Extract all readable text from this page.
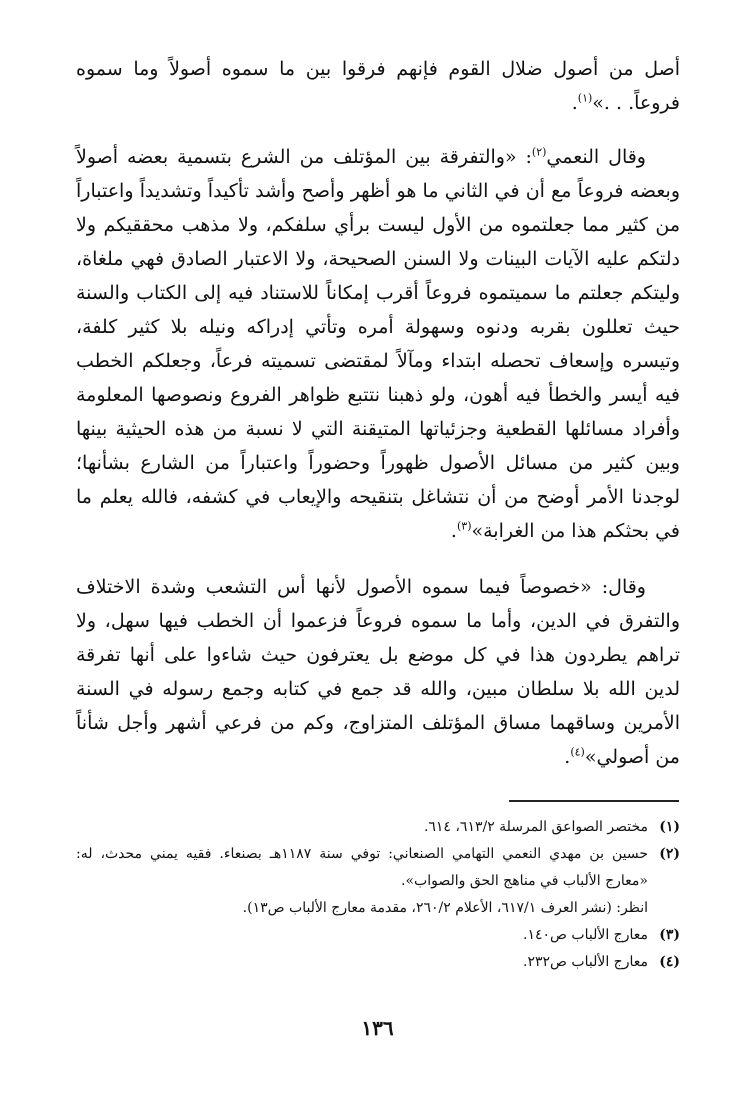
أصل من أصول ضلال القوم فإنهم فرقوا بين ما سموه أصولاً وما سموه فروعاً. . .»$^{(١)}$.

وقال النعمي$^{(٢)}$: «والتفرقة بين المؤتلف من الشرع بتسمية بعضه أصولاً وبعضه فروعاً مع أن في الثاني ما هو أظهر وأصح وأشد تأكيداً وتشديداً واعتباراً من كثير مما جعلتموه من الأول ليست برأي سلفكم، ولا مذهب محققيكم ولا دلتكم عليه الآيات البينات ولا السنن الصحيحة، ولا الاعتبار الصادق فهي ملغاة، وليتكم جعلتم ما سميتموه فروعاً أقرب إمكاناً للاستناد فيه إلى الكتاب والسنة حيث تعللون بقربه ودنوه وسهولة أمره وتأتي إدراكه ونيله بلا كثير كلفة، وتيسره وإسعاف تحصله ابتداء ومآلاً لمقتضى تسميته فرعاً، وجعلكم الخطب فيه أيسر والخطأ فيه أهون، ولو ذهبنا نتتبع ظواهر الفروع ونصوصها المعلومة وأفراد مسائلها القطعية وجزئياتها المتيقنة التي لا نسبة من هذه الحيثية بينها وبين كثير من مسائل الأصول ظهوراً وحضوراً واعتباراً من الشارع بشأنها؛ لوجدنا الأمر أوضح من أن نتشاغل بتنقيحه والإيعاب في كشفه، فالله يعلم ما في بحثكم هذا من الغرابة»$^{(٣)}$.

وقال: «خصوصاً فيما سموه الأصول لأنها أس التشعب وشدة الاختلاف والتفرق في الدين، وأما ما سموه فروعاً فزعموا أن الخطب فيها سهل، ولا تراهم يطردون هذا في كل موضع بل يعترفون حيث شاءوا على أنها تفرقة لدين الله بلا سلطان مبين، والله قد جمع في كتابه وجمع رسوله في السنة الأمرين وساقهما مساق المؤتلف المتزاوج، وكم من فرعي أشهر وأجل شأناً من أصولي»$^{(٤)}$.

(١)
مختصر الصواعق المرسلة ٦١٣/٢، ٦١٤.
(٢)
حسين بن مهدي النعمي التهامي الصنعاني: توفي سنة ١١٨٧هـ بصنعاء. فقيه يمني محدث، له: «معارج الألباب في مناهج الحق والصواب».
انظر: (نشر العرف ٦١٧/١، الأعلام ٢٦٠/٢، مقدمة معارج الألباب ص١٣).
(٣)
معارج الألباب ص١٤٠.
(٤)
معارج الألباب ص٢٣٢.
١٣٦
